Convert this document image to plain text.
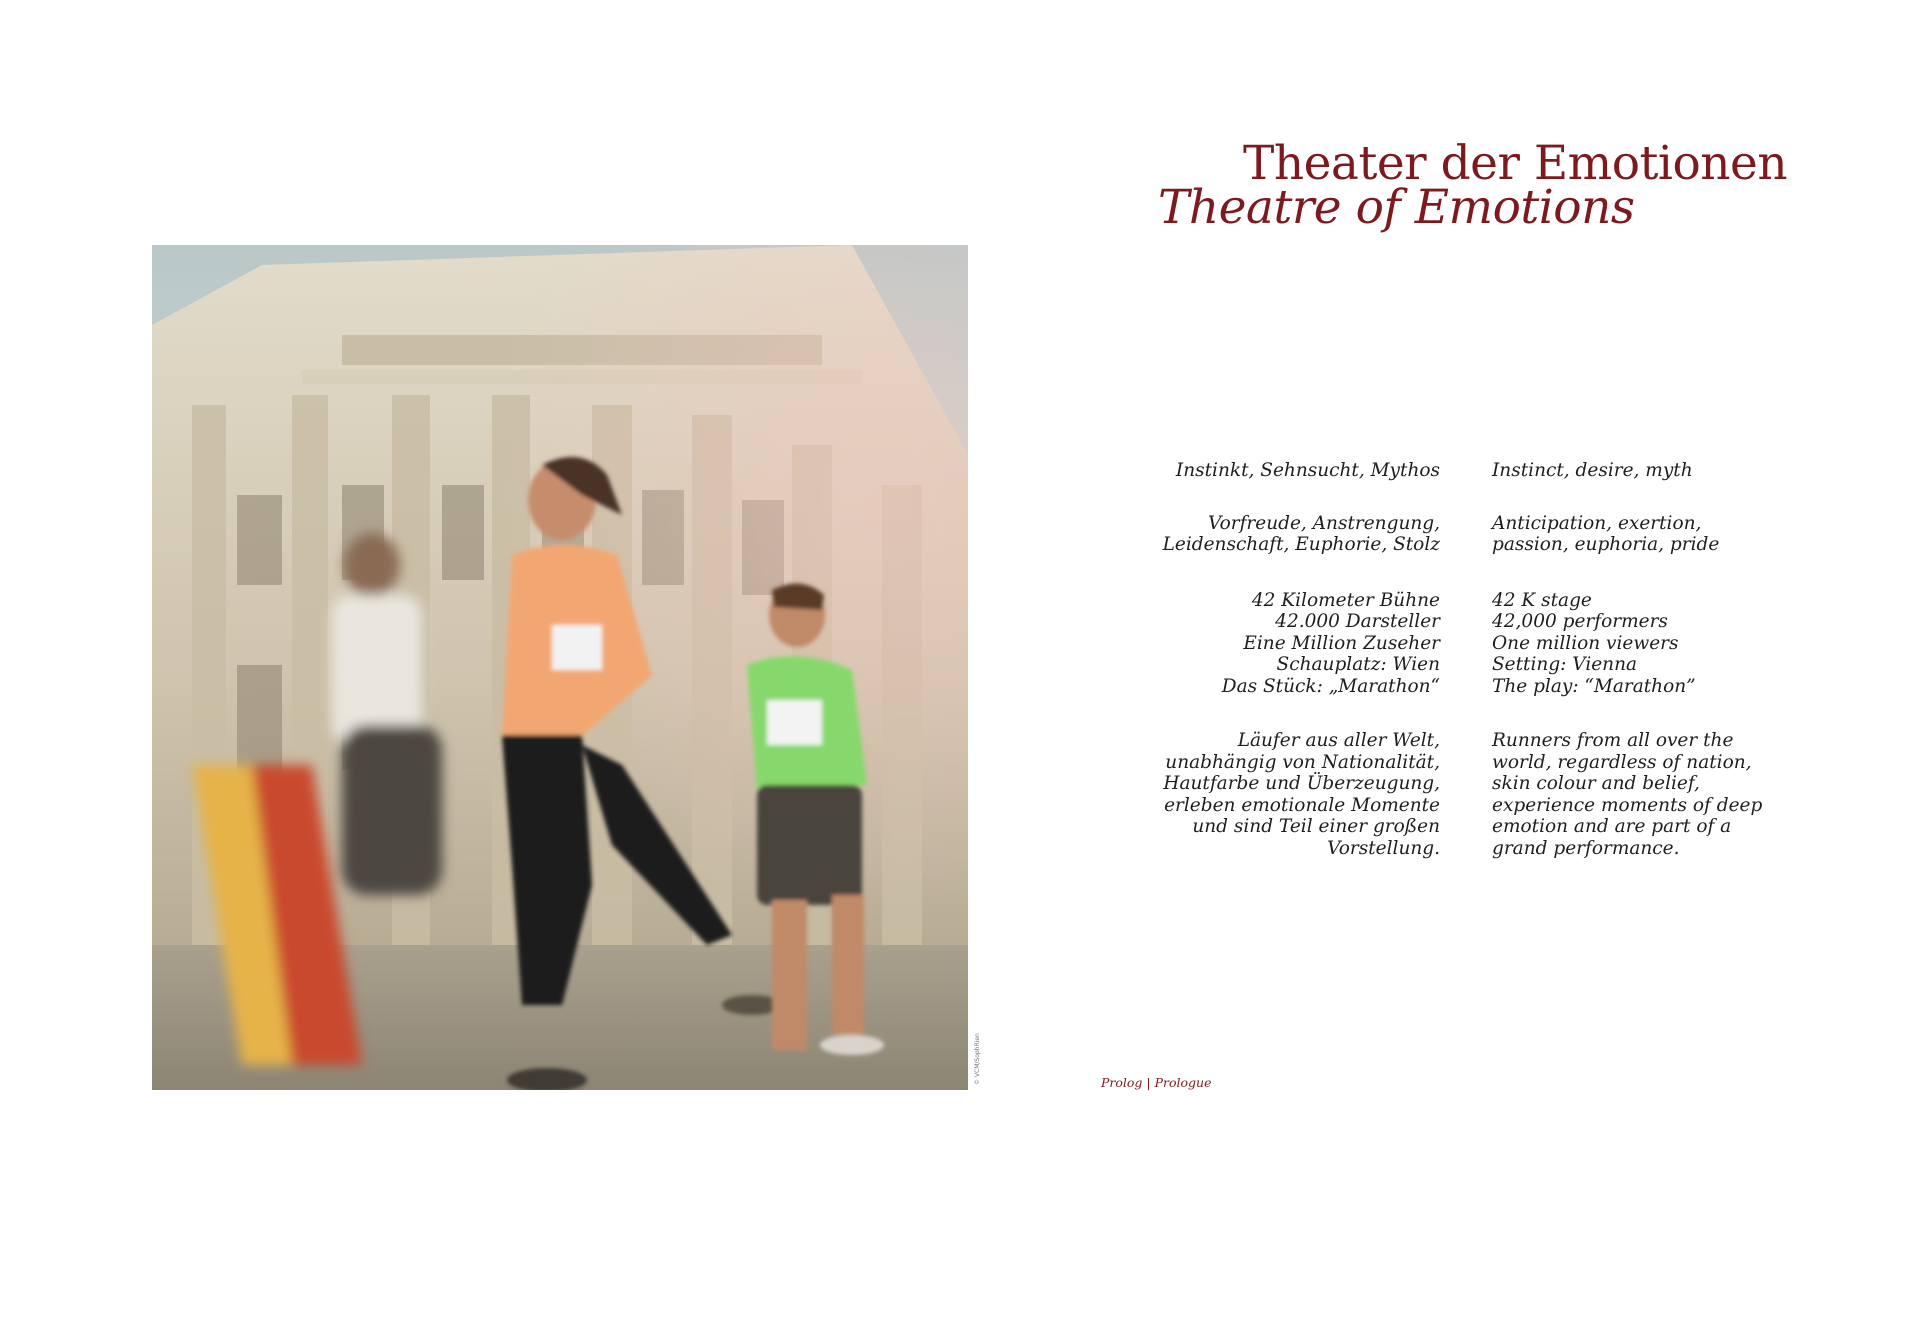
Theater der Emotionen
Theatre of Emotions
© VCM/SophRien

Instinkt, Sehnsucht, Mythos

Vorfreude, Anstrengung,

Leidenschaft, Euphorie, Stolz

42 Kilometer Bühne

42.000 Darsteller

Eine Million Zuseher

Schauplatz: Wien

Das Stück: „Marathon“

Läufer aus aller Welt,

unabhängig von Nationalität,

Hautfarbe und Überzeugung,

erleben emotionale Momente

und sind Teil einer großen

Vorstellung.

Instinct, desire, myth

Anticipation, exertion,

passion, euphoria, pride

42 K stage

42,000 performers

One million viewers

Setting: Vienna

The play: “Marathon”

Runners from all over the

world, regardless of nation,

skin colour and belief,

experience moments of deep

emotion and are part of a

grand performance.

Prolog | Prologue
